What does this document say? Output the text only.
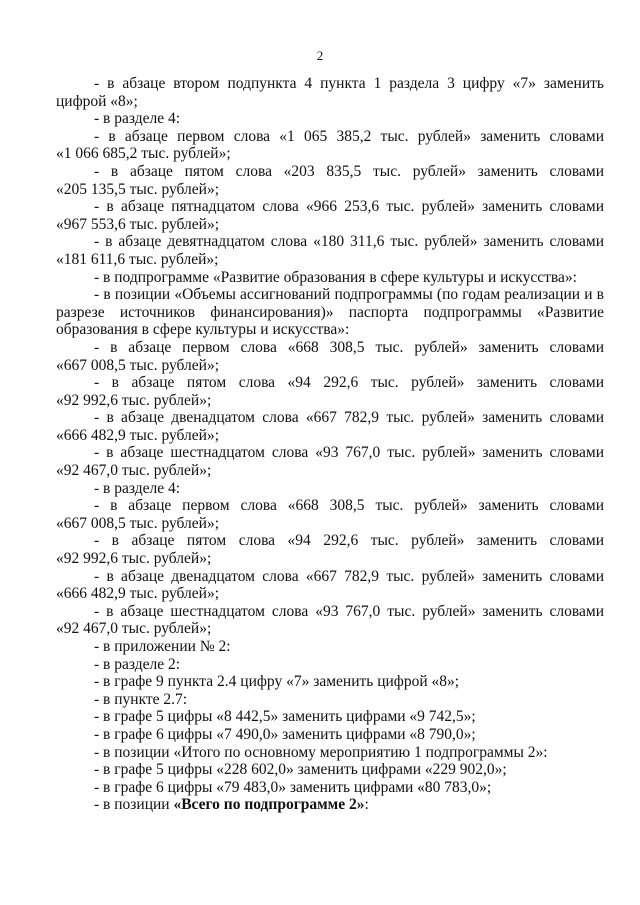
2
- в абзаце втором подпункта 4 пункта 1 раздела 3 цифру «7» заменить
цифрой «8»;
- в разделе 4:
- в абзаце первом слова «1 065 385,2 тыс. рублей» заменить словами
«1 066 685,2 тыс. рублей»;
- в абзаце пятом слова «203 835,5 тыс. рублей» заменить словами
«205 135,5 тыс. рублей»;
- в абзаце пятнадцатом слова «966 253,6 тыс. рублей» заменить словами
«967 553,6 тыс. рублей»;
- в абзаце девятнадцатом слова «180 311,6 тыс. рублей» заменить словами
«181 611,6 тыс. рублей»;
- в подпрограмме «Развитие образования в сфере культуры и искусства»:
- в позиции «Объемы ассигнований подпрограммы (по годам реализации и в
разрезе источников финансирования)» паспорта подпрограммы «Развитие
образования в сфере культуры и искусства»:
- в абзаце первом слова «668 308,5 тыс. рублей» заменить словами
«667 008,5 тыс. рублей»;
- в абзаце пятом слова «94 292,6 тыс. рублей» заменить словами
«92 992,6 тыс. рублей»;
- в абзаце двенадцатом слова «667 782,9 тыс. рублей» заменить словами
«666 482,9 тыс. рублей»;
- в абзаце шестнадцатом слова «93 767,0 тыс. рублей» заменить словами
«92 467,0 тыс. рублей»;
- в разделе 4:
- в абзаце первом слова «668 308,5 тыс. рублей» заменить словами
«667 008,5 тыс. рублей»;
- в абзаце пятом слова «94 292,6 тыс. рублей» заменить словами
«92 992,6 тыс. рублей»;
- в абзаце двенадцатом слова «667 782,9 тыс. рублей» заменить словами
«666 482,9 тыс. рублей»;
- в абзаце шестнадцатом слова «93 767,0 тыс. рублей» заменить словами
«92 467,0 тыс. рублей»;
- в приложении № 2:
- в разделе 2:
- в графе 9 пункта 2.4 цифру «7» заменить цифрой «8»;
- в пункте 2.7:
- в графе 5 цифры «8 442,5» заменить цифрами «9 742,5»;
- в графе 6 цифры «7 490,0» заменить цифрами «8 790,0»;
- в позиции «Итого по основному мероприятию 1 подпрограммы 2»:
- в графе 5 цифры «228 602,0» заменить цифрами «229 902,0»;
- в графе 6 цифры «79 483,0» заменить цифрами «80 783,0»;
- в позиции «Всего по подпрограмме 2»:
